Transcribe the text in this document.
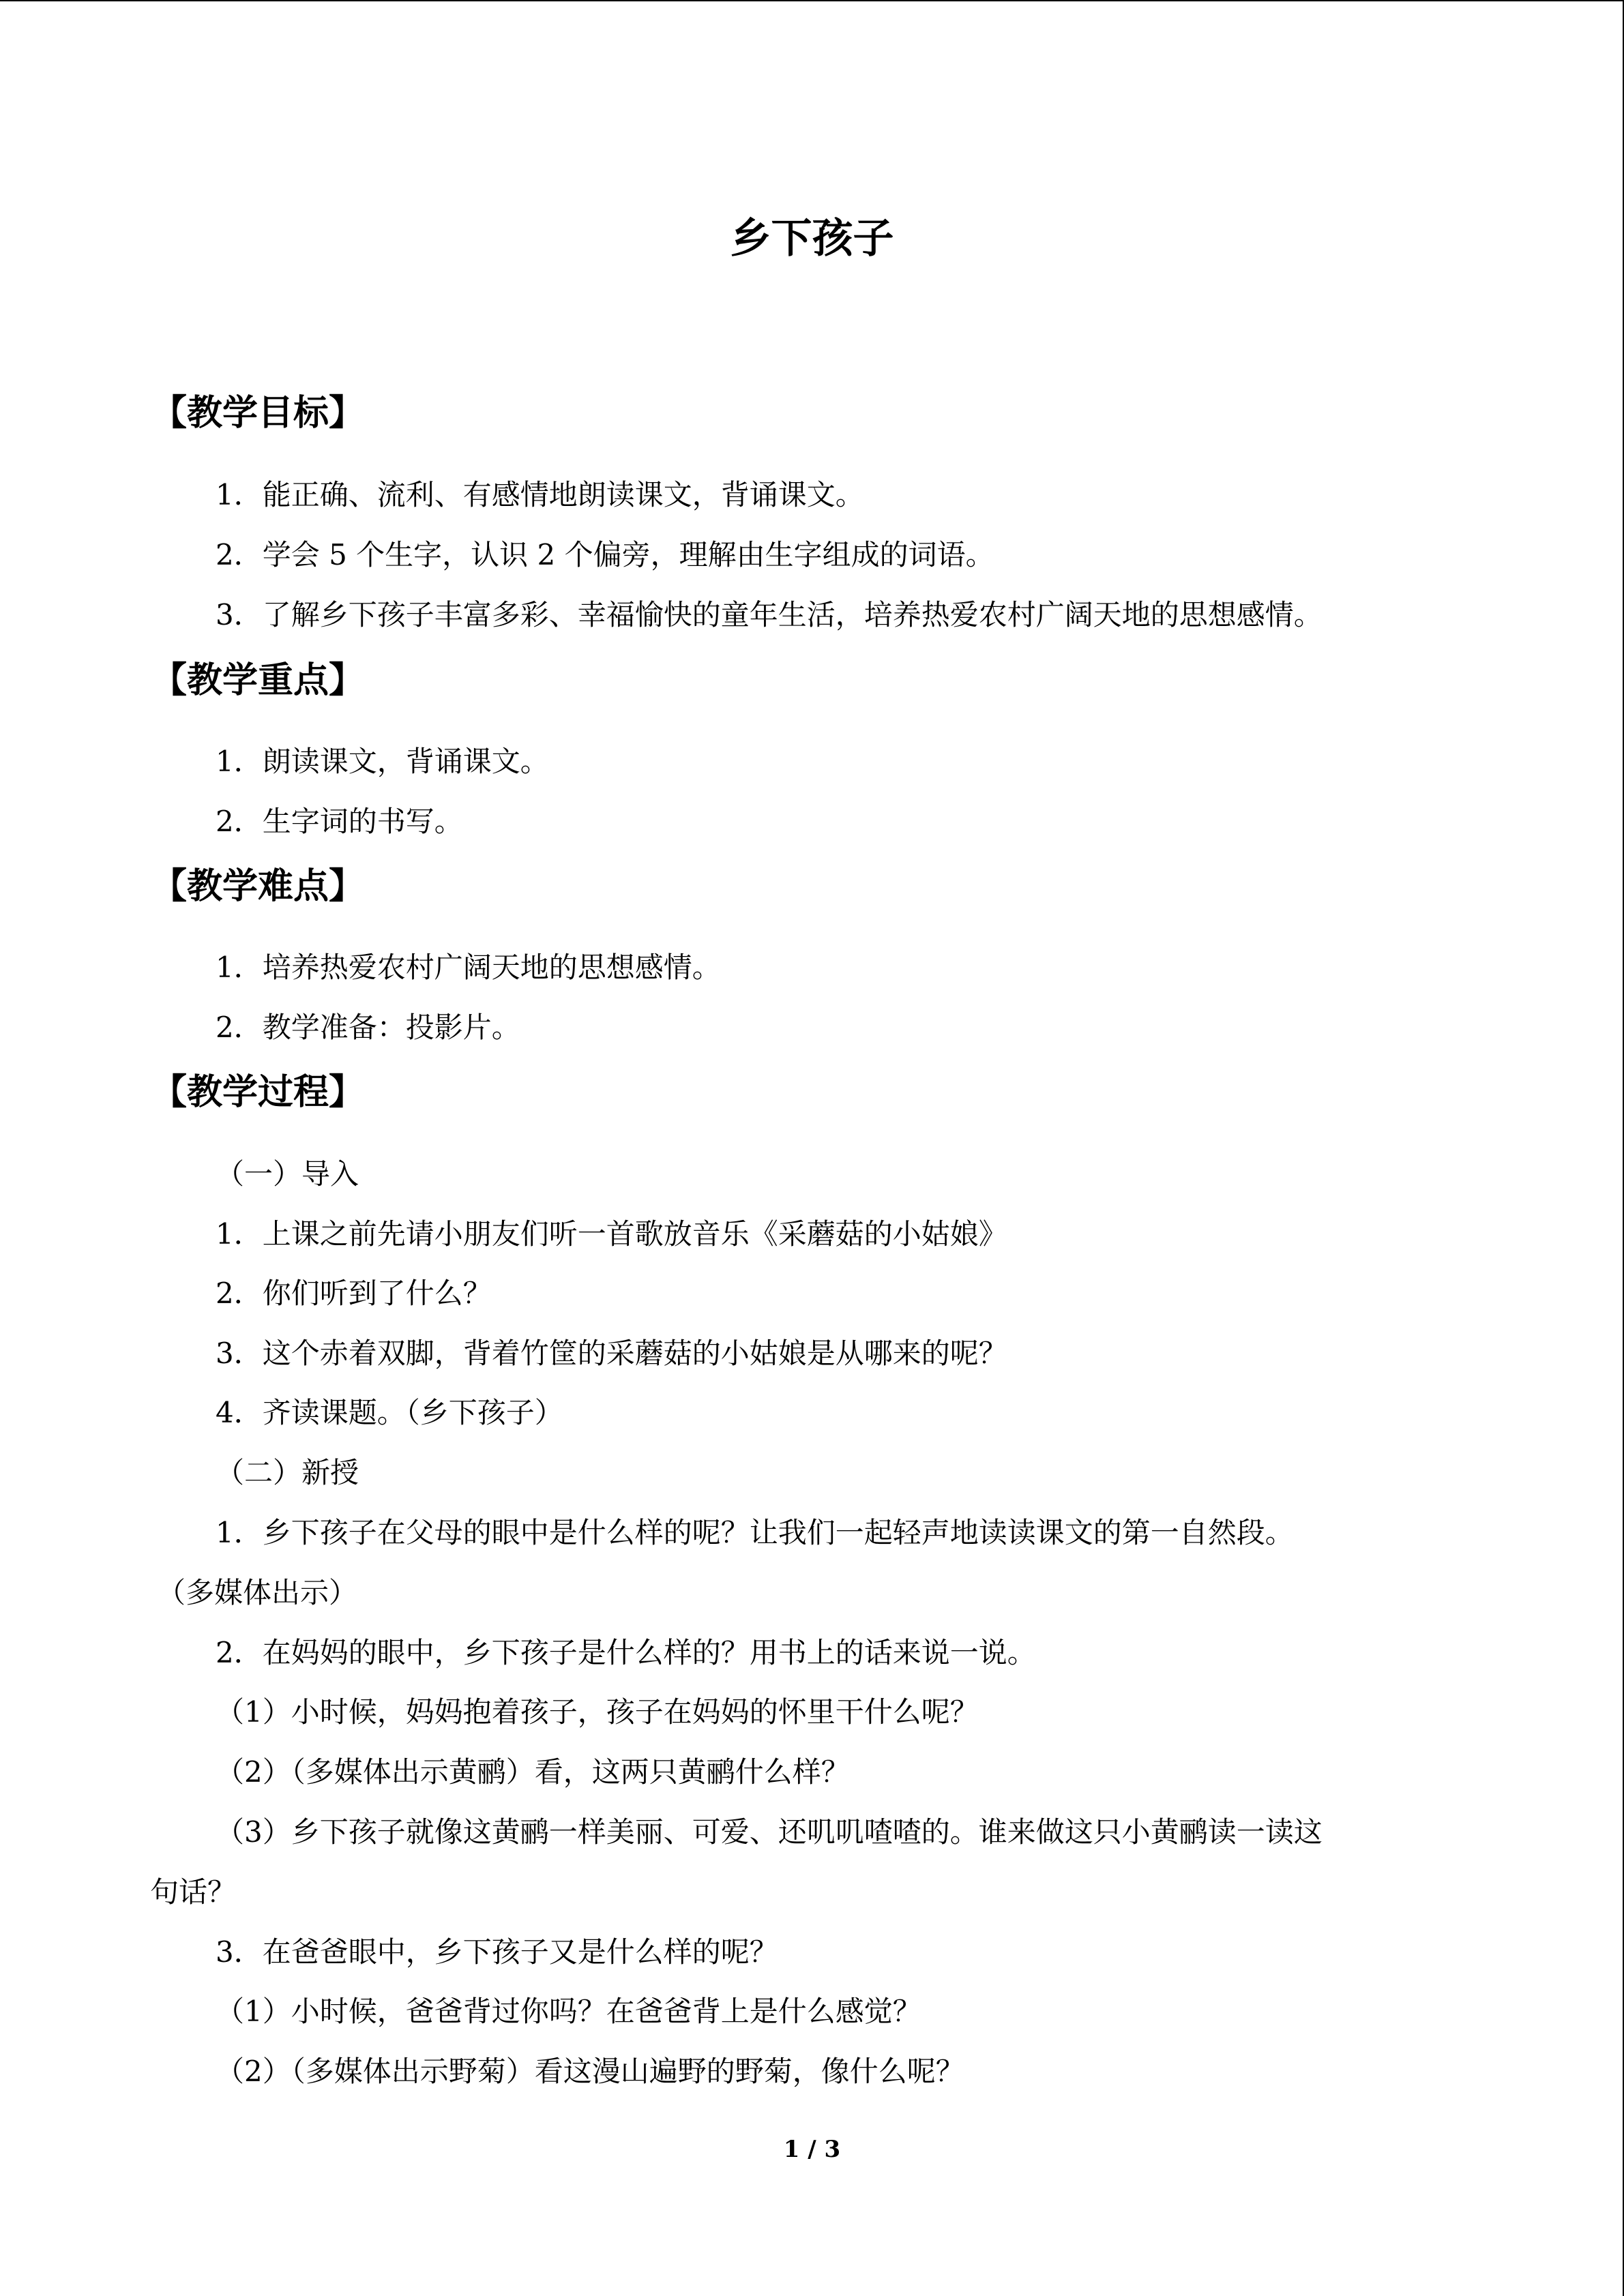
乡下孩子
【教学目标】

1．能正确、流利、有感情地朗读课文，背诵课文。

2．学会 5 个生字，认识 2 个偏旁，理解由生字组成的词语。

3．了解乡下孩子丰富多彩、幸福愉快的童年生活，培养热爱农村广阔天地的思想感情。

【教学重点】

1．朗读课文，背诵课文。

2．生字词的书写。

【教学难点】

1．培养热爱农村广阔天地的思想感情。

2．教学准备：投影片。

【教学过程】

（一）导入

1．上课之前先请小朋友们听一首歌放音乐《采蘑菇的小姑娘》

2．你们听到了什么？

3．这个赤着双脚，背着竹筐的采蘑菇的小姑娘是从哪来的呢？

4．齐读课题。（乡下孩子）

（二）新授

1．乡下孩子在父母的眼中是什么样的呢？让我们一起轻声地读读课文的第一自然段。

（多媒体出示）

2．在妈妈的眼中，乡下孩子是什么样的？用书上的话来说一说。

（1）小时候，妈妈抱着孩子，孩子在妈妈的怀里干什么呢？

（2）（多媒体出示黄鹂）看，这两只黄鹂什么样？

（3）乡下孩子就像这黄鹂一样美丽、可爱、还叽叽喳喳的。谁来做这只小黄鹂读一读这

句话？

3．在爸爸眼中，乡下孩子又是什么样的呢？

（1）小时候，爸爸背过你吗？在爸爸背上是什么感觉？

（2）（多媒体出示野菊）看这漫山遍野的野菊，像什么呢？

1 / 3
